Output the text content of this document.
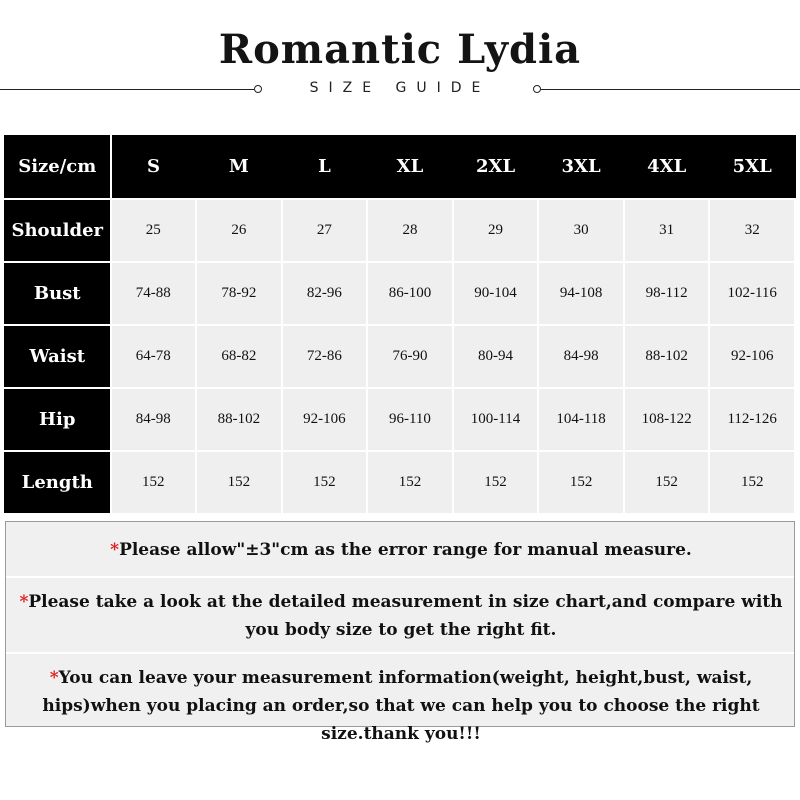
Romantic Lydia
SIZE GUIDE
Size/cm	S	M	L	XL	2XL	3XL	4XL	5XL
Shoulder	25	26	27	28	29	30	31	32
Bust	74-88	78-92	82-96	86-100	90-104	94-108	98-112	102-116
Waist	64-78	68-82	72-86	76-90	80-94	84-98	88-102	92-106
Hip	84-98	88-102	92-106	96-110	100-114	104-118	108-122	112-126
Length	152	152	152	152	152	152	152	152
*Please allow"±3"cm as the error range for manual measure.
*Please take a look at the detailed measurement in size chart,and compare with you body size to get the right fit.
*You can leave your measurement information(weight, height,bust, waist, hips)when you placing an order,so that we can help you to choose the right size.thank you!!!
